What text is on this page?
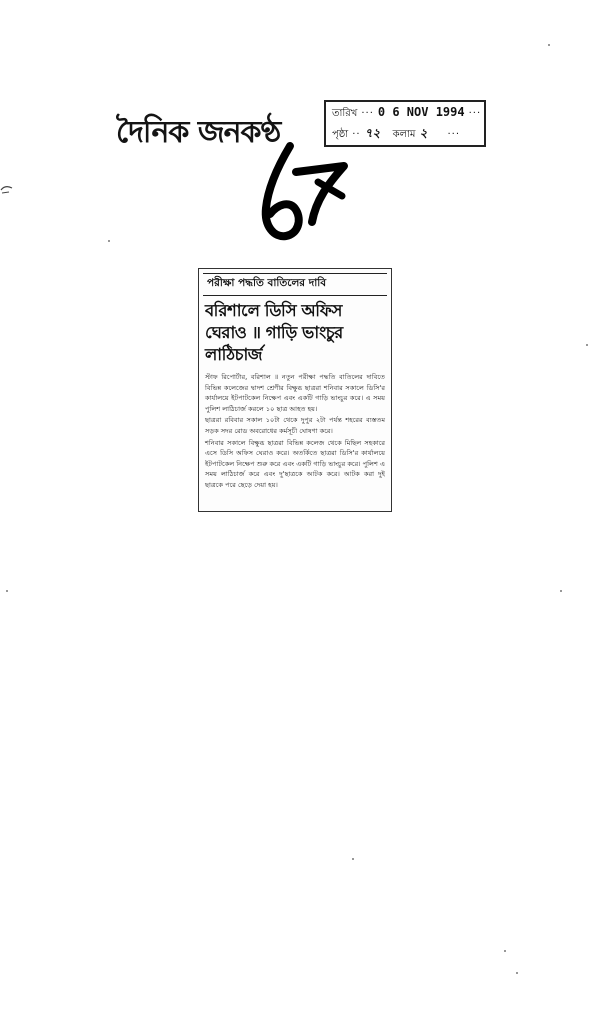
দৈনিক জনকণ্ঠ
তারিখ ··· 0 6 NOV 1994 ···
পৃষ্ঠা ·· ৭২	কলাম ২	···
পরীক্ষা পদ্ধতি বাতিলের দাবি
বরিশালে ডিসি অফিস ঘেরাও ॥ গাড়ি ভাংচুর লাঠিচার্জ

স্টাফ রিপোর্টার, বরিশাল ॥ নতুন পরীক্ষা পদ্ধতি বাতিলের দাবিতে বিভিন্ন কলেজের দ্বাদশ শ্রেণীর বিক্ষুব্ধ ছাত্ররা শনিবার সকালে ডিসি'র কার্যালয়ে ইটপাটকেল নিক্ষেপ এবং একটি গাড়ি ভাংচুর করে। এ সময় পুলিশ লাঠিচার্জ করলে ১০ ছাত্র আহত হয়।

ছাত্ররা রবিবার সকাল ১০টা থেকে দুপুর ২টা পর্যন্ত শহরের ব্যস্ততম সড়ক সদর রোড অবরোধের কর্মসূচী ঘোষণা করে।

শনিবার সকালে বিক্ষুব্ধ ছাত্ররা বিভিন্ন কলেজ থেকে মিছিল সহকারে এসে ডিসি অফিস ঘেরাও করে। অতর্কিতে ছাত্ররা ডিসি'র কার্যালয়ে ইটপাটকেল নিক্ষেপ শুরু করে এবং একটি গাড়ি ভাংচুর করে। পুলিশ এ সময় লাঠিচার্জ করে এবং দু'ছাত্রকে আটক করে। আটক করা দুই ছাত্রকে পরে ছেড়ে দেয়া হয়।
